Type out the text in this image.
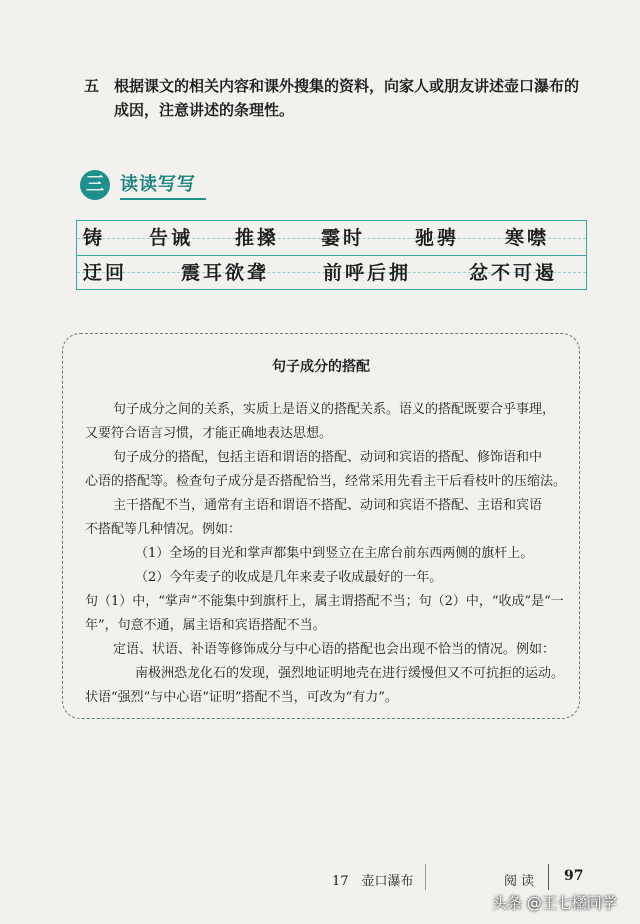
五 根据课文的相关内容和课外搜集的资料，向家人或朋友讲述壶口瀑布的
成因，注意讲述的条理性。
三 读读写写
铸 告诫 推搡 霎时	驰骋 寒噤
迂回	震耳欲聋	前呼后拥	忿不可遏
句子成分的搭配
句子成分之间的关系，实质上是语义的搭配关系。语义的搭配既要合乎事理，
又要符合语言习惯，才能正确地表达思想。
句子成分的搭配，包括主语和谓语的搭配、动词和宾语的搭配、修饰语和中
心语的搭配等。检查句子成分是否搭配恰当，经常采用先看主干后看枝叶的压缩法。
主干搭配不当，通常有主语和谓语不搭配、动词和宾语不搭配、主语和宾语
不搭配等几种情况。例如：
（1）全场的目光和掌声都集中到竖立在主席台前东西两侧的旗杆上。
（2）今年麦子的收成是几年来麦子收成最好的一年。
句（1）中，“掌声”不能集中到旗杆上，属主谓搭配不当；句（2）中，“收成”是“一
年”，句意不通，属主语和宾语搭配不当。
定语、状语、补语等修饰成分与中心语的搭配也会出现不恰当的情况。例如：
南极洲恐龙化石的发现，强烈地证明地壳在进行缓慢但又不可抗拒的运动。
状语“强烈”与中心语“证明”搭配不当，可改为“有力”。
17　壶口瀑布	阅读 97
头条 @王七橘同学
